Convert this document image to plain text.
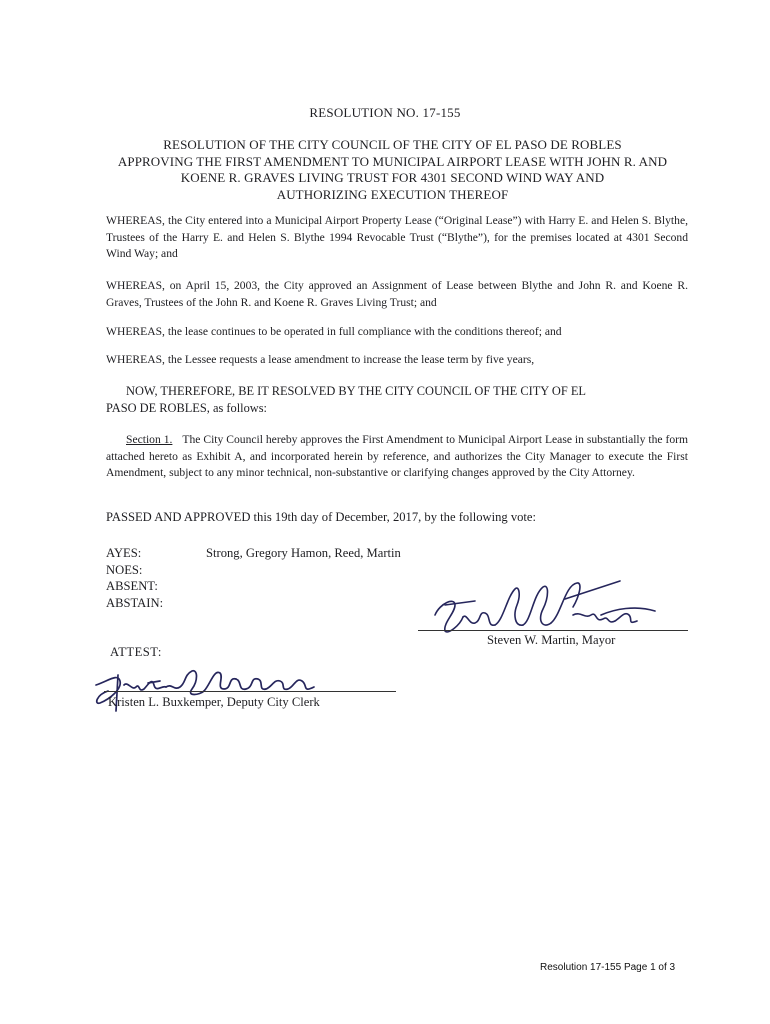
RESOLUTION NO. 17-155
RESOLUTION OF THE CITY COUNCIL OF THE CITY OF EL PASO DE ROBLES
APPROVING THE FIRST AMENDMENT TO MUNICIPAL AIRPORT LEASE WITH JOHN R. AND
KOENE R. GRAVES LIVING TRUST FOR 4301 SECOND WIND WAY AND
AUTHORIZING EXECUTION THEREOF
WHEREAS, the City entered into a Municipal Airport Property Lease (“Original Lease”) with Harry E. and Helen S. Blythe, Trustees of the Harry E. and Helen S. Blythe 1994 Revocable Trust (“Blythe”), for the premises located at 4301 Second Wind Way; and
WHEREAS, on April 15, 2003, the City approved an Assignment of Lease between Blythe and John R. and Koene R. Graves, Trustees of the John R. and Koene R. Graves Living Trust; and
WHEREAS, the lease continues to be operated in full compliance with the conditions thereof; and
WHEREAS, the Lessee requests a lease amendment to increase the lease term by five years,
NOW, THEREFORE, BE IT RESOLVED BY THE CITY COUNCIL OF THE CITY OF EL
PASO DE ROBLES, as follows:
Section 1. The City Council hereby approves the First Amendment to Municipal Airport Lease in substantially the form attached hereto as Exhibit A, and incorporated herein by reference, and authorizes the City Manager to execute the First Amendment, subject to any minor technical, non-substantive or clarifying changes approved by the City Attorney.
PASSED AND APPROVED this 19th day of December, 2017, by the following vote:
AYES:	Strong, Gregory Hamon, Reed, Martin
NOES:
ABSENT:
ABSTAIN:
Steven W. Martin, Mayor
ATTEST:
Kristen L. Buxkemper, Deputy City Clerk
Resolution 17-155 Page 1 of 3
